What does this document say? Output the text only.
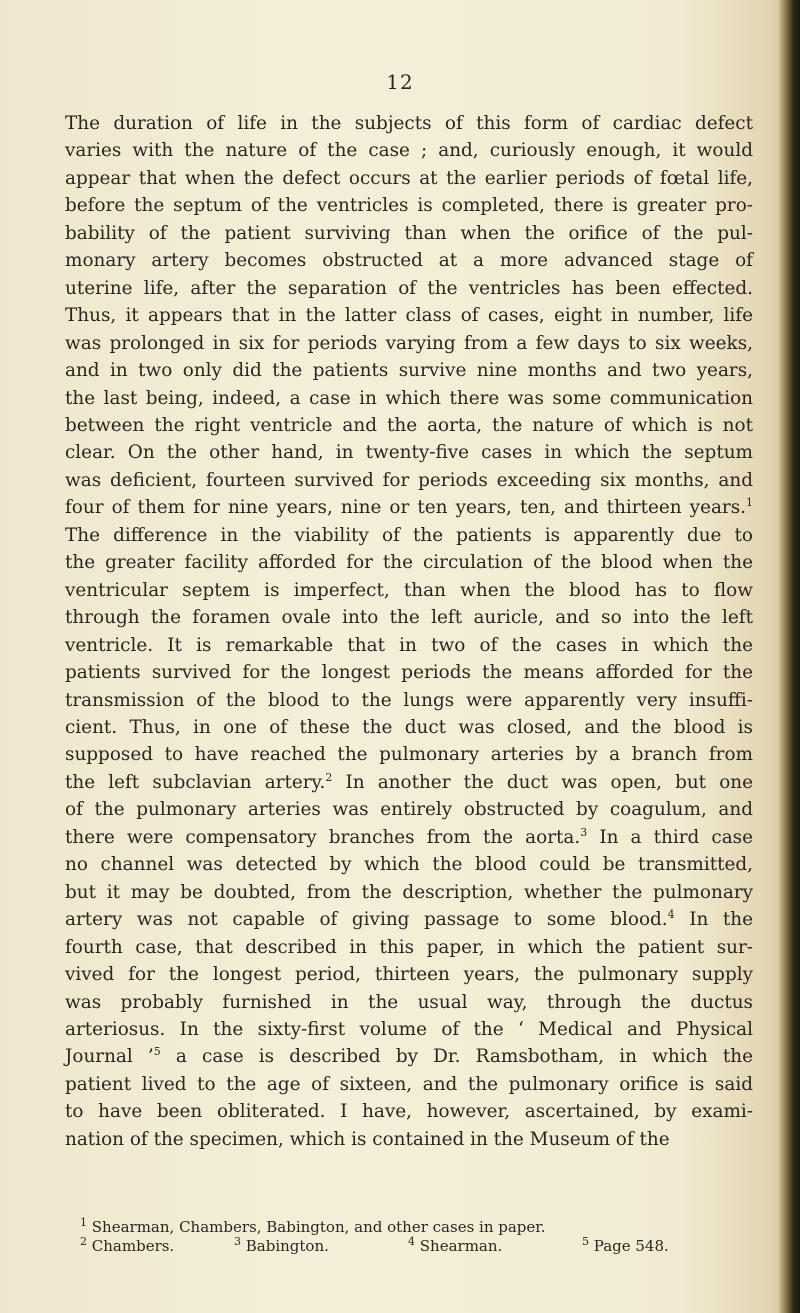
12
The duration of life in the subjects of this form of cardiac defect
varies with the nature of the case ; and, curiously enough, it would
appear that when the defect occurs at the earlier periods of fœtal life,
before the septum of the ventricles is completed, there is greater pro-
bability of the patient surviving than when the orifice of the pul-
monary artery becomes obstructed at a more advanced stage of
uterine life, after the separation of the ventricles has been effected.
Thus, it appears that in the latter class of cases, eight in number, life
was prolonged in six for periods varying from a few days to six weeks,
and in two only did the patients survive nine months and two years,
the last being, indeed, a case in which there was some communication
between the right ventricle and the aorta, the nature of which is not
clear. On the other hand, in twenty-five cases in which the septum
was deficient, fourteen survived for periods exceeding six months, and
four of them for nine years, nine or ten years, ten, and thirteen years.$^1$
The difference in the viability of the patients is apparently due to
the greater facility afforded for the circulation of the blood when the
ventricular septem is imperfect, than when the blood has to flow
through the foramen ovale into the left auricle, and so into the left
ventricle. It is remarkable that in two of the cases in which the
patients survived for the longest periods the means afforded for the
transmission of the blood to the lungs were apparently very insuffi-
cient. Thus, in one of these the duct was closed, and the blood is
supposed to have reached the pulmonary arteries by a branch from
the left subclavian artery.$^2$ In another the duct was open, but one
of the pulmonary arteries was entirely obstructed by coagulum, and
there were compensatory branches from the aorta.$^3$ In a third case
no channel was detected by which the blood could be transmitted,
but it may be doubted, from the description, whether the pulmonary
artery was not capable of giving passage to some blood.$^4$ In the
fourth case, that described in this paper, in which the patient sur-
vived for the longest period, thirteen years, the pulmonary supply
was probably furnished in the usual way, through the ductus
arteriosus. In the sixty-first volume of the ‘ Medical and Physical
Journal ’$^5$ a case is described by Dr. Ramsbotham, in which the
patient lived to the age of sixteen, and the pulmonary orifice is said
to have been obliterated. I have, however, ascertained, by exami-
nation of the specimen, which is contained in the Museum of the
$^1$ Shearman, Chambers, Babington, and other cases in paper.
$^2$ Chambers.	$^3$ Babington.	$^4$ Shearman.	$^5$ Page 548.
